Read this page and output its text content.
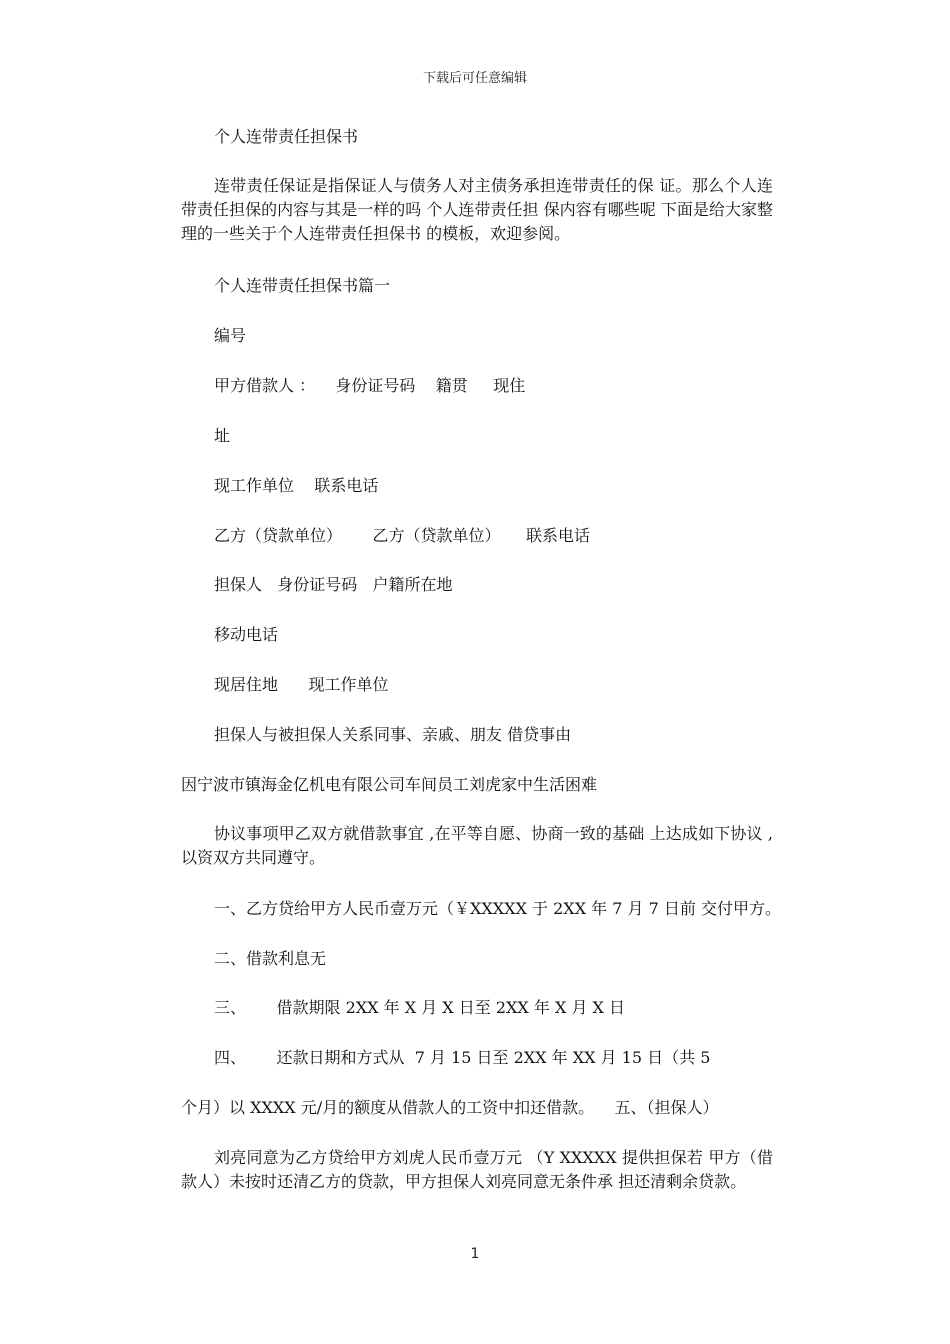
下载后可任意编辑

个人连带责任担保书

连带责任保证是指保证人与债务人对主债务承担连带责任的保 证。那么个人连带责任担保的内容与其是一样的吗 个人连带责任担 保内容有哪些呢 下面是给大家整理的一些关于个人连带责任担保书 的模板，欢迎参阅。

个人连带责任担保书篇一

编号

甲方借款人 ：    身份证号码    籍贯     现住

址

现工作单位    联系电话

乙方（贷款单位）      乙方（贷款单位）     联系电话

担保人   身份证号码   户籍所在地

移动电话

现居住地      现工作单位

担保人与被担保人关系同事、亲戚、朋友 借贷事由

因宁波市镇海金亿机电有限公司车间员工刘虎家中生活困难

协议事项甲乙双方就借款事宜 ,在平等自愿、协商一致的基础 上达成如下协议 ,以资双方共同遵守。

一、乙方贷给甲方人民币壹万元（￥XXXXX 于 2XX 年 7 月 7 日前 交付甲方。

二、借款利息无

三、      借款期限 2XX 年 X 月 X 日至 2XX 年 X 月 X 日

四、      还款日期和方式从  7 月 15 日至 2XX 年 XX 月 15 日（共 5

个月）以 XXXX 元/月的额度从借款人的工资中扣还借款。    五、（担保人）

刘亮同意为乙方贷给甲方刘虎人民币壹万元 （Y XXXXX 提供担保若 甲方（借款人）未按时还清乙方的贷款，甲方担保人刘亮同意无条件承 担还清剩余贷款。

1
